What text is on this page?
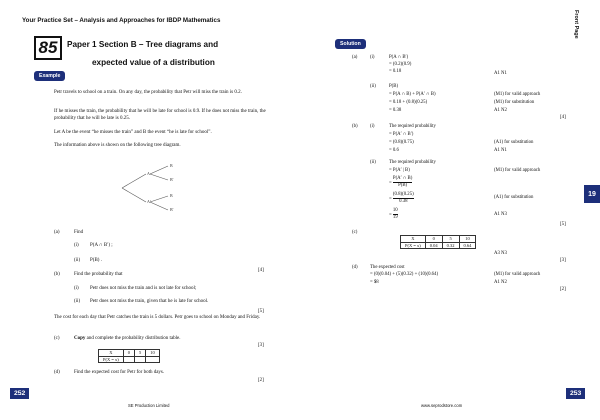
Your Practice Set – Analysis and Approaches for IBDP Mathematics	Front Page
85	Paper 1 Section B – Tree diagrams and
expected value of a distribution
Example
Petr travels to school on a train. On any day, the probability that Petr will miss the train is 0.2.
If he misses the train, the probability that he will be late for school is 0.9. If he does not miss the train, the probability that he will be late is 0.25.
Let A be the event “he misses the train” and B the event “he is late for school”.
The information above is shown on the following tree diagram.
A
A′
B
B′
B
B′
(a)	Find
(i) P(A ∩ B′) ;
(ii) P(B) .
[4]
(b)	Find the probability that
(i) Petr does not miss the train and is not late for school;
(ii) Petr does not miss the train, given that he is late for school.
[5]
The cost for each day that Petr catches the train is 5 dollars. Petr goes to school on Monday and Friday.
(c)	Copy and complete the probability distribution table.
[3]
X	0	5	10
P(X = x)			
(d)	Find the expected cost for Petr for both days.
[2]
252
SE Production Limited
Solution
(a)	(i)	P(A ∩ B′)
= (0.2)(0.9)
= 0.18	A1 N1
(ii)	P(B)
= P(A ∩ B) + P(A′ ∩ B)
= 0.18 + (0.8)(0.25)
= 0.38
(M1) for valid approach
(M1) for substitution
A1 N2
[4]
(b)	(i)	The required probability
= P(A′ ∩ B′)
= (0.8)(0.75)
= 0.6
(A1) for substitution
A1 N1
(ii)	The required probability
= P(A′ | B)
= $\frac{P(A' \cap B)}{P(B)}$
= $\frac{(0.8)(0.25)}{0.38}$
= $\frac{10}{19}$
(M1) for valid approach
(A1) for substitution
A1 N3
[5]
(c)
X	0	5	10
P(X = x)	0.04	0.32	0.64
A3 N3
[3]
(d)	The expected cost
= (0)(0.04) + (5)(0.32) + (10)(0.64)
= $8
(M1) for valid approach
A1 N2
[2]
19
253
www.seprodstore.com
